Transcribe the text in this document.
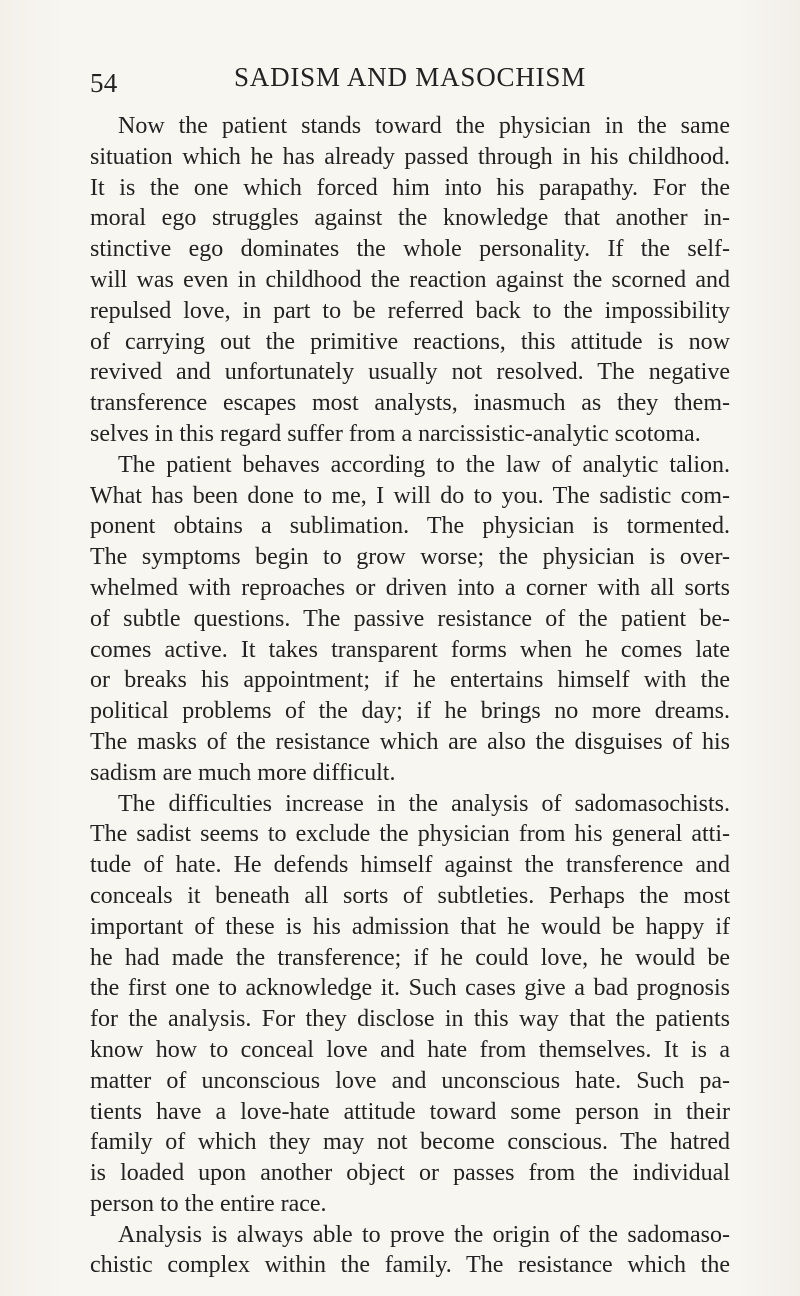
54	SADISM AND MASOCHISM
Now the patient stands toward the physician in the same
situation which he has already passed through in his childhood.
It is the one which forced him into his parapathy. For the
moral ego struggles against the knowledge that another in-
stinctive ego dominates the whole personality. If the self-
will was even in childhood the reaction against the scorned and
repulsed love, in part to be referred back to the impossibility
of carrying out the primitive reactions, this attitude is now
revived and unfortunately usually not resolved. The negative
transference escapes most analysts, inasmuch as they them-
selves in this regard suffer from a narcissistic-analytic scotoma.
The patient behaves according to the law of analytic talion.
What has been done to me, I will do to you. The sadistic com-
ponent obtains a sublimation. The physician is tormented.
The symptoms begin to grow worse; the physician is over-
whelmed with reproaches or driven into a corner with all sorts
of subtle questions. The passive resistance of the patient be-
comes active. It takes transparent forms when he comes late
or breaks his appointment; if he entertains himself with the
political problems of the day; if he brings no more dreams.
The masks of the resistance which are also the disguises of his
sadism are much more difficult.
The difficulties increase in the analysis of sadomasochists.
The sadist seems to exclude the physician from his general atti-
tude of hate. He defends himself against the transference and
conceals it beneath all sorts of subtleties. Perhaps the most
important of these is his admission that he would be happy if
he had made the transference; if he could love, he would be
the first one to acknowledge it. Such cases give a bad prognosis
for the analysis. For they disclose in this way that the patients
know how to conceal love and hate from themselves. It is a
matter of unconscious love and unconscious hate. Such pa-
tients have a love-hate attitude toward some person in their
family of which they may not become conscious. The hatred
is loaded upon another object or passes from the individual
person to the entire race.
Analysis is always able to prove the origin of the sadomaso-
chistic complex within the family. The resistance which the
